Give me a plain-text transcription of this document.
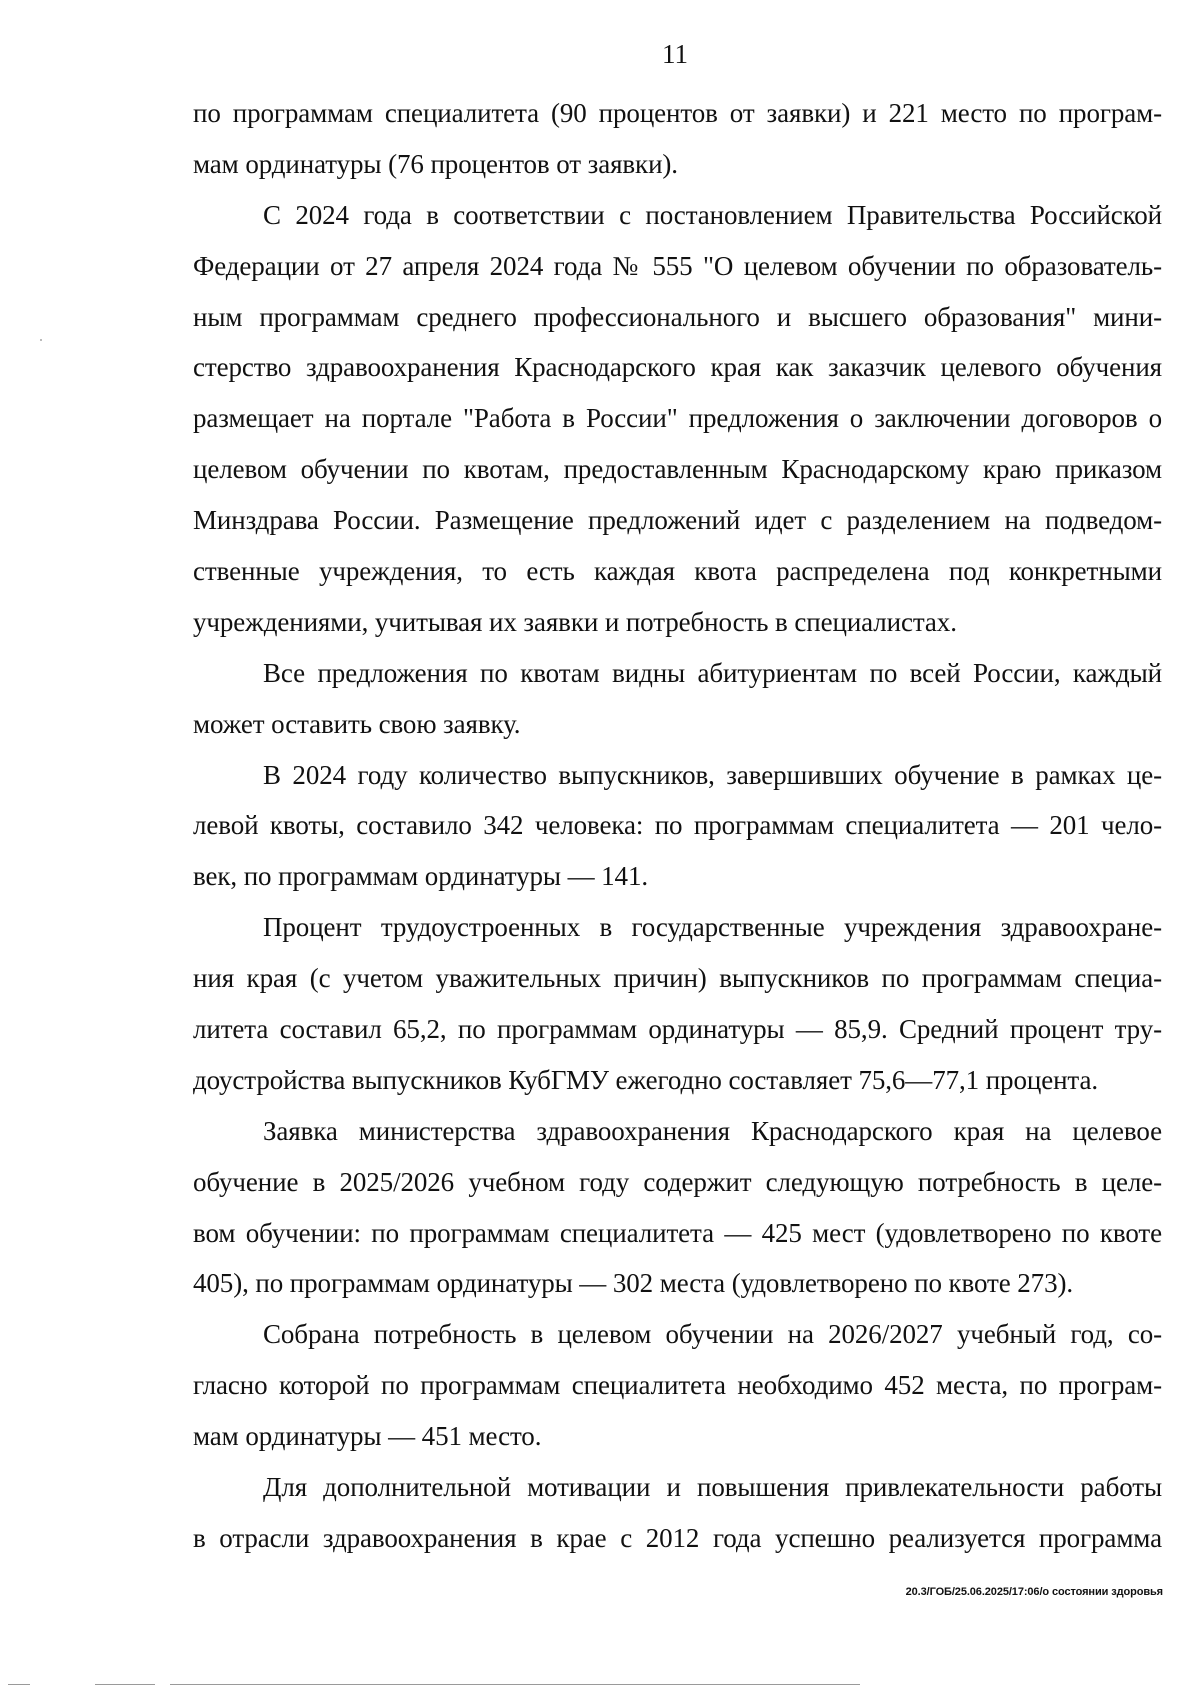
11
по программам специалитета (90 процентов от заявки) и 221 место по програм-
мам ординатуры (76 процентов от заявки).
С 2024 года в соответствии с постановлением Правительства Российской
Федерации от 27 апреля 2024 года № 555 "О целевом обучении по образователь-
ным программам среднего профессионального и высшего образования" мини-
стерство здравоохранения Краснодарского края как заказчик целевого обучения
размещает на портале "Работа в России" предложения о заключении договоров о
целевом обучении по квотам, предоставленным Краснодарскому краю приказом
Минздрава России. Размещение предложений идет с разделением на подведом-
ственные учреждения, то есть каждая квота распределена под конкретными
учреждениями, учитывая их заявки и потребность в специалистах.
Все предложения по квотам видны абитуриентам по всей России, каждый
может оставить свою заявку.
В 2024 году количество выпускников, завершивших обучение в рамках це-
левой квоты, составило 342 человека: по программам специалитета — 201 чело-
век, по программам ординатуры — 141.
Процент трудоустроенных в государственные учреждения здравоохране-
ния края (с учетом уважительных причин) выпускников по программам специа-
литета составил 65,2, по программам ординатуры — 85,9. Средний процент тру-
доустройства выпускников КубГМУ ежегодно составляет 75,6—77,1 процента.
Заявка министерства здравоохранения Краснодарского края на целевое
обучение в 2025/2026 учебном году содержит следующую потребность в целе-
вом обучении: по программам специалитета — 425 мест (удовлетворено по квоте
405), по программам ординатуры — 302 места (удовлетворено по квоте 273).
Собрана потребность в целевом обучении на 2026/2027 учебный год, со-
гласно которой по программам специалитета необходимо 452 места, по програм-
мам ординатуры — 451 место.
Для дополнительной мотивации и повышения привлекательности работы
в отрасли здравоохранения в крае с 2012 года успешно реализуется программа
20.3/ГОБ/25.06.2025/17:06/о состоянии здоровья
